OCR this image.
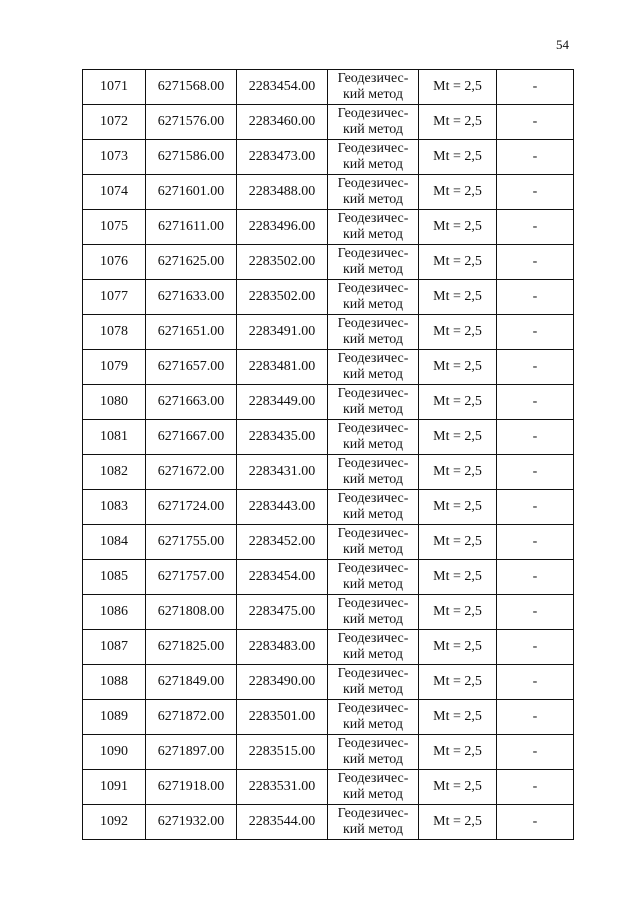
54
1071	6271568.00	2283454.00	Геодезичес-
кий метод	Mt = 2,5	-
1072	6271576.00	2283460.00	Геодезичес-
кий метод	Mt = 2,5	-
1073	6271586.00	2283473.00	Геодезичес-
кий метод	Mt = 2,5	-
1074	6271601.00	2283488.00	Геодезичес-
кий метод	Mt = 2,5	-
1075	6271611.00	2283496.00	Геодезичес-
кий метод	Mt = 2,5	-
1076	6271625.00	2283502.00	Геодезичес-
кий метод	Mt = 2,5	-
1077	6271633.00	2283502.00	Геодезичес-
кий метод	Mt = 2,5	-
1078	6271651.00	2283491.00	Геодезичес-
кий метод	Mt = 2,5	-
1079	6271657.00	2283481.00	Геодезичес-
кий метод	Mt = 2,5	-
1080	6271663.00	2283449.00	Геодезичес-
кий метод	Mt = 2,5	-
1081	6271667.00	2283435.00	Геодезичес-
кий метод	Mt = 2,5	-
1082	6271672.00	2283431.00	Геодезичес-
кий метод	Mt = 2,5	-
1083	6271724.00	2283443.00	Геодезичес-
кий метод	Mt = 2,5	-
1084	6271755.00	2283452.00	Геодезичес-
кий метод	Mt = 2,5	-
1085	6271757.00	2283454.00	Геодезичес-
кий метод	Mt = 2,5	-
1086	6271808.00	2283475.00	Геодезичес-
кий метод	Mt = 2,5	-
1087	6271825.00	2283483.00	Геодезичес-
кий метод	Mt = 2,5	-
1088	6271849.00	2283490.00	Геодезичес-
кий метод	Mt = 2,5	-
1089	6271872.00	2283501.00	Геодезичес-
кий метод	Mt = 2,5	-
1090	6271897.00	2283515.00	Геодезичес-
кий метод	Mt = 2,5	-
1091	6271918.00	2283531.00	Геодезичес-
кий метод	Mt = 2,5	-
1092	6271932.00	2283544.00	Геодезичес-
кий метод	Mt = 2,5	-
